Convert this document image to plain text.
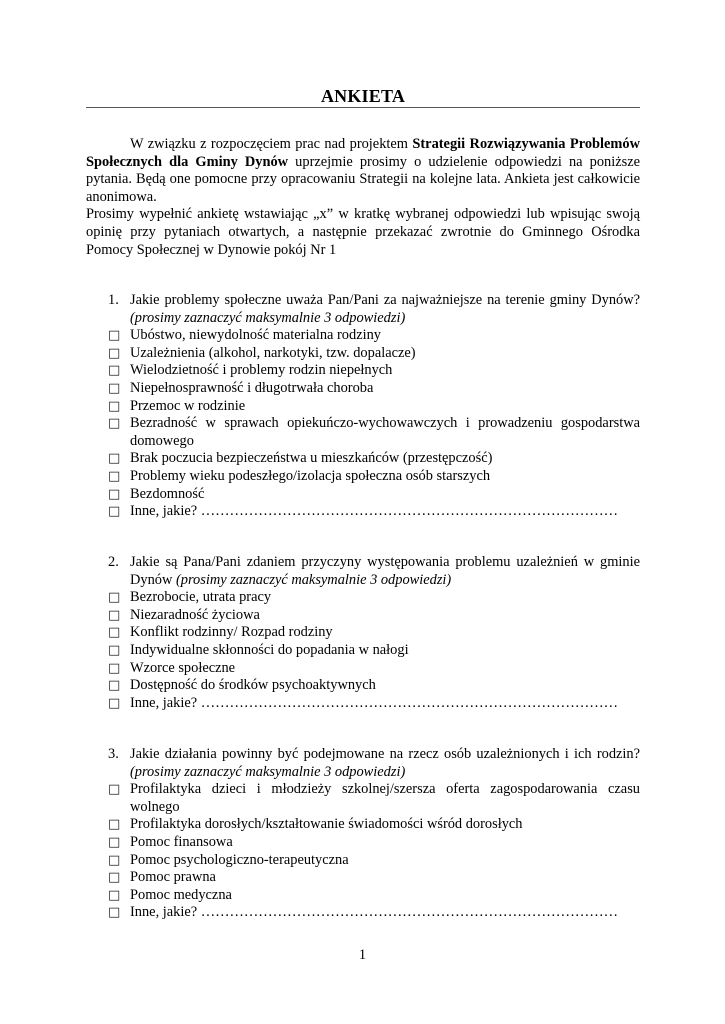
ANKIETA

W związku z rozpoczęciem prac nad projektem Strategii Rozwiązywania Problemów Społecznych dla Gminy Dynów uprzejmie prosimy o udzielenie odpowiedzi na poniższe pytania. Będą one pomocne przy opracowaniu Strategii na kolejne lata. Ankieta jest całkowicie anonimowa.

Prosimy wypełnić ankietę wstawiając „x” w kratkę wybranej odpowiedzi lub wpisując swoją opinię przy pytaniach otwartych, a następnie przekazać zwrotnie do Gminnego Ośrodka Pomocy Społecznej w Dynowie pokój Nr 1

1. Jakie problemy społeczne uważa Pan/Pani za najważniejsze na terenie gminy Dynów? (prosimy zaznaczyć maksymalnie 3 odpowiedzi)
□ Ubóstwo, niewydolność materialna rodziny
□ Uzależnienia (alkohol, narkotyki, tzw. dopalacze)
□ Wielodzietność i problemy rodzin niepełnych
□ Niepełnosprawność i długotrwała choroba
□ Przemoc w rodzinie
□ Bezradność w sprawach opiekuńczo-wychowawczych i prowadzeniu gospodarstwa domowego
□ Brak poczucia bezpieczeństwa u mieszkańców (przestępczość)
□ Problemy wieku podeszłego/izolacja społeczna osób starszych
□ Bezdomność
□ Inne, jakie? ……………………………………………………………………………
2. Jakie są Pana/Pani zdaniem przyczyny występowania problemu uzależnień w gminie Dynów (prosimy zaznaczyć maksymalnie 3 odpowiedzi)
□ Bezrobocie, utrata pracy
□ Niezaradność życiowa
□ Konflikt rodzinny/ Rozpad rodziny
□ Indywidualne skłonności do popadania w nałogi
□ Wzorce społeczne
□ Dostępność do środków psychoaktywnych
□ Inne, jakie? ……………………………………………………………………………
3. Jakie działania powinny być podejmowane na rzecz osób uzależnionych i ich rodzin? (prosimy zaznaczyć maksymalnie 3 odpowiedzi)
□ Profilaktyka dzieci i młodzieży szkolnej/szersza oferta zagospodarowania czasu wolnego
□ Profilaktyka dorosłych/kształtowanie świadomości wśród dorosłych
□ Pomoc finansowa
□ Pomoc psychologiczno-terapeutyczna
□ Pomoc prawna
□ Pomoc medyczna
□ Inne, jakie? ……………………………………………………………………………
1
